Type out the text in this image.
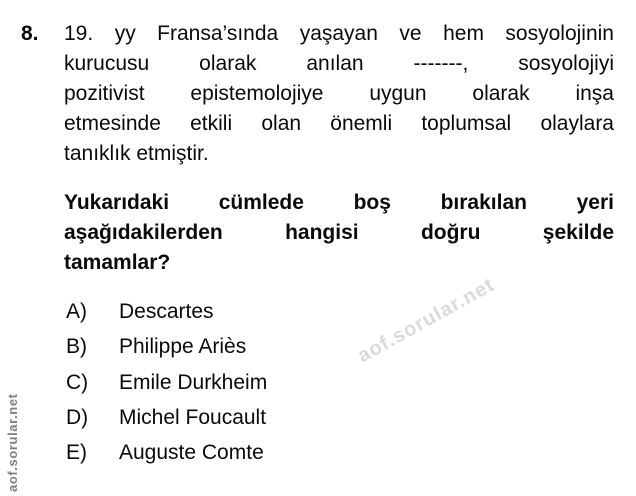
aof.sorular.net
aof.sorular.net
8. 19. yy Fransa’sında yaşayan ve hem sosyolojinin
kurucusu olarak anılan -------, sosyolojiyi
pozitivist epistemolojiye uygun olarak inşa
etmesinde etkili olan önemli toplumsal olaylara
tanıklık etmiştir.
Yukarıdaki cümlede boş bırakılan yeri
aşağıdakilerden hangisi doğru şekilde
tamamlar?
A)	Descartes
B)	Philippe Ariès
C)	Emile Durkheim
D)	Michel Foucault
E)	Auguste Comte
